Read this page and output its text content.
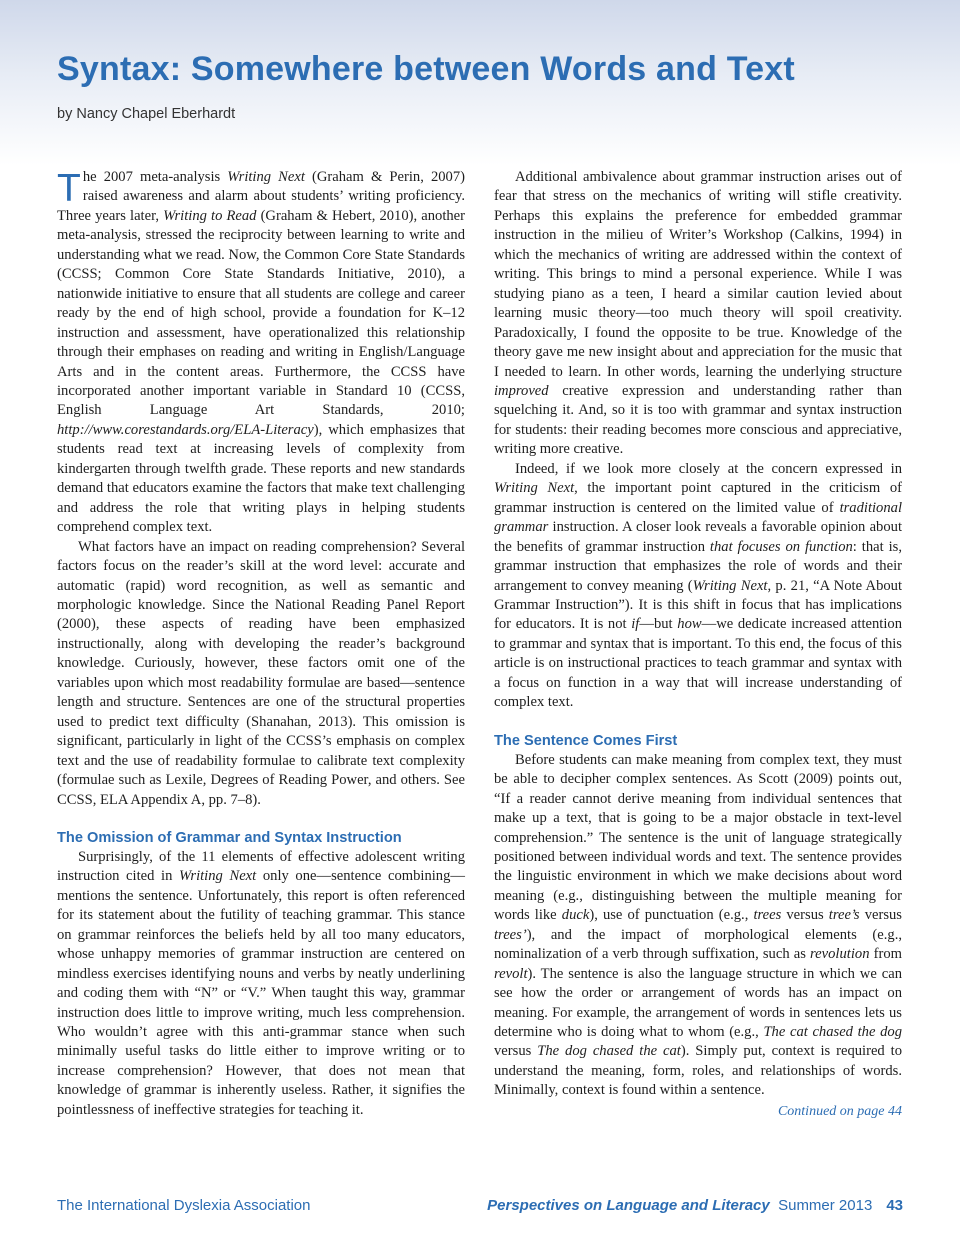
Syntax: Somewhere between Words and Text
by Nancy Chapel Eberhardt

The 2007 meta-analysis Writing Next (Graham & Perin, 2007) raised awareness and alarm about students’ writing proficiency. Three years later, Writing to Read (Graham & Hebert, 2010), another meta-analysis, stressed the reciprocity between learning to write and understanding what we read. Now, the Common Core State Standards (CCSS; Common Core State Standards Initiative, 2010), a nationwide initiative to ensure that all students are college and career ready by the end of high school, provide a foundation for K–12 instruction and assessment, have operationalized this relationship through their emphases on reading and writing in English/Language Arts and in the content areas. Furthermore, the CCSS have incorporated another important variable in Standard 10 (CCSS, English Language Art Standards, 2010; http://www.corestandards.org/ELA-Literacy), which emphasizes that students read text at increasing levels of complexity from kindergarten through twelfth grade. These reports and new standards demand that educators examine the factors that make text challenging and address the role that writing plays in helping students comprehend complex text.

What factors have an impact on reading comprehension? Several factors focus on the reader’s skill at the word level: accurate and automatic (rapid) word recognition, as well as semantic and morphologic knowledge. Since the National Reading Panel Report (2000), these aspects of reading have been emphasized instructionally, along with developing the reader’s background knowledge. Curiously, however, these factors omit one of the variables upon which most readability formulae are based—sentence length and structure. Sentences are one of the structural properties used to predict text difficulty (Shanahan, 2013). This omission is significant, particularly in light of the CCSS’s emphasis on complex text and the use of readability formulae to calibrate text complexity (formulae such as Lexile, Degrees of Reading Power, and others. See CCSS, ELA Appendix A, pp. 7–8).

The Omission of Grammar and Syntax Instruction

Surprisingly, of the 11 elements of effective adolescent writing instruction cited in Writing Next only one—sentence combining—mentions the sentence. Unfortunately, this report is often referenced for its statement about the futility of teaching grammar. This stance on grammar reinforces the beliefs held by all too many educators, whose unhappy memories of grammar instruction are centered on mindless exercises identifying nouns and verbs by neatly underlining and coding them with “N” or “V.” When taught this way, grammar instruction does little to improve writing, much less comprehension. Who wouldn’t agree with this anti-grammar stance when such minimally useful tasks do little either to improve writing or to increase comprehension? However, that does not mean that knowledge of grammar is inherently useless. Rather, it signifies the pointlessness of ineffective strategies for teaching it.

Additional ambivalence about grammar instruction arises out of fear that stress on the mechanics of writing will stifle creativity. Perhaps this explains the preference for embedded grammar instruction in the milieu of Writer’s Workshop (Calkins, 1994) in which the mechanics of writing are addressed within the context of writing. This brings to mind a personal experience. While I was studying piano as a teen, I heard a similar caution levied about learning music theory—too much theory will spoil creativity. Paradoxically, I found the opposite to be true. Knowledge of the theory gave me new insight about and appreciation for the music that I needed to learn. In other words, learning the underlying structure improved creative expression and understanding rather than squelching it. And, so it is too with grammar and syntax instruction for students: their reading becomes more conscious and appreciative, writing more creative.

Indeed, if we look more closely at the concern expressed in Writing Next, the important point captured in the criticism of grammar instruction is centered on the limited value of traditional grammar instruction. A closer look reveals a favorable opinion about the benefits of grammar instruction that focuses on function: that is, grammar instruction that emphasizes the role of words and their arrangement to convey meaning (Writing Next, p. 21, “A Note About Grammar Instruction”). It is this shift in focus that has implications for educators. It is not if—but how—we dedicate increased attention to grammar and syntax that is important. To this end, the focus of this article is on instructional practices to teach grammar and syntax with a focus on function in a way that will increase understanding of complex text.

The Sentence Comes First

Before students can make meaning from complex text, they must be able to decipher complex sentences. As Scott (2009) points out, “If a reader cannot derive meaning from individual sentences that make up a text, that is going to be a major obstacle in text-level comprehension.” The sentence is the unit of language strategically positioned between individual words and text. The sentence provides the linguistic environment in which we make decisions about word meaning (e.g., distinguishing between the multiple meaning for words like duck), use of punctuation (e.g., trees versus tree’s versus trees’), and the impact of morphological elements (e.g., nominalization of a verb through suffixation, such as revolution from revolt). The sentence is also the language structure in which we can see how the order or arrangement of words has an impact on meaning. For example, the arrangement of words in sentences lets us determine who is doing what to whom (e.g., The cat chased the dog versus The dog chased the cat). Simply put, context is required to understand the meaning, form, roles, and relationships of words. Minimally, context is found within a sentence.

Continued on page 44
The International Dyslexia Association	Perspectives on Language and Literacy Summer 2013 43
